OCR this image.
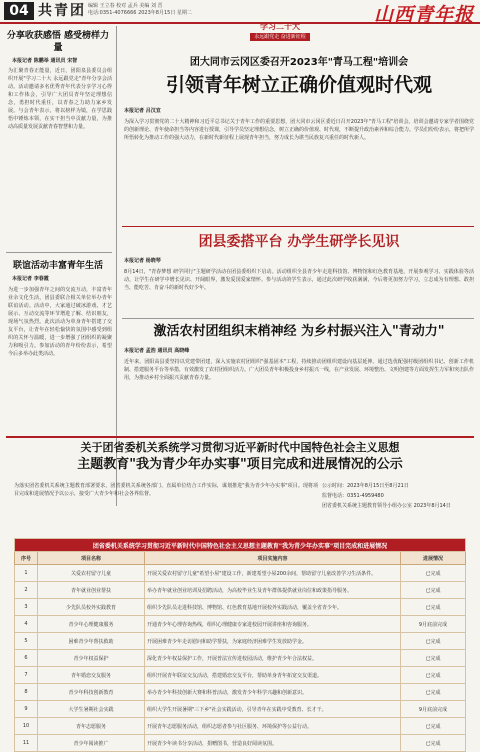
04 共青团 编辑 王立春 校对 孟兵 美编 刘 晋
电话:0351-4076666 2023年8月15日 星期二	山西青年报
分享收获感悟 感受榜样力量
本报记者 陈鹏举 通讯员 宋智
为汇聚青春正能量，近日，团阳泉县委员会组织开展"学习二十大 永远跟党走"青年分享会活动。活动邀请多名优秀青年代表分享学习心得和工作体会，引导广大团员青年坚定理想信念，勇担时代重任，以青春之力助力家乡发展。与会青年表示，将以榜样为镜，在学思践悟中锤炼本领，在实干担当中贡献力量，为推动高质量发展贡献青春智慧和力量。
联谊活动丰富青年生活
本报记者 李春霞
为进一步加强青年之间的交流互动，丰富青年业余文化生活，团县委联合相关单位举办青年联谊活动。活动中，大家通过破冰游戏、才艺展示、互动交流等环节增进了解、结识朋友，现场气氛热烈。此次活动为单身青年搭建了交友平台，让青年在轻松愉快的氛围中感受到组织的关怀与温暖，进一步增强了团组织的凝聚力和吸引力。参加活动的青年纷纷表示，希望今后多举办此类活动。
学习二十大
永远跟党走 奋进新征程
团大同市云冈区委召开2023年"青马工程"培训会
引领青年树立正确价值观时代观
本报记者 吕汉宜
为深入学习贯彻党的二十大精神和习近平总书记关于青年工作的重要思想，团大同市云冈区委近日召开2023年"青马工程"培训会。培训会邀请专家学者围绕党的创新理论、青年使命担当等内容进行授课，引导学员坚定理想信念，树立正确的价值观、时代观，不断提升政治素养和综合能力。学员们纷纷表示，将把所学所悟转化为推动工作的强大动力，在新时代新征程上展现青年担当，努力成长为堪当民族复兴重任的时代新人。
团县委搭平台 办学生研学长见识
本报记者 杨晓琴
8月14日，"青春梦想 研学同行"主题研学活动在团县委组织下启动。活动组织全县青少年走进科技馆、博物馆和红色教育基地，开展参观学习、实践体验等活动，让学生在研学中增长见识、开阔眼界，激发爱国爱家情怀。参与活动的学生表示，通过此次研学收获满满，今后将更加努力学习，立志成为有理想、敢担当、能吃苦、肯奋斗的新时代好少年。
激活农村团组织末梢神经 为乡村振兴注入"青动力"
本报记者 孟浩 通讯员 高晓峰
近年来，团阳高县委坚持以党建带团建，深入实施农村团组织"强基固本"工程，持续推动团组织建设向基层延伸。通过选优配强村级团组织书记、创新工作机制、搭建服务平台等举措，有效激发了农村团组织活力。广大团员青年积极投身乡村振兴一线，在产业发展、环境整治、文明创建等方面发挥生力军和突击队作用，为推动乡村全面振兴贡献青春力量。
关于团省委机关系统学习贯彻习近平新时代中国特色社会主义思想
主题教育"我为青少年办实事"项目完成和进展情况的公示
为落实团省委机关系统主题教育部署要求，团省委机关系统各部门、直属单位结合工作实际，谋划推进"我为青少年办实事"项目。现将项目完成和进展情况予以公示，接受广大青少年和社会各界监督。
公示时间：2023年8月15日至8月21日
监督电话：0351-4959480
团省委机关系统主题教育领导小组办公室 2023年8月14日
团省委机关系统学习贯彻习近平新时代中国特色社会主义思想主题教育"我为青少年办实事"项目完成和进展情况			
序号	项目名称	项目实施内容	进展情况
1	关爱农村留守儿童	开展关爱农村留守儿童"希望小屋"建设工作，新建希望小屋200余间，帮助留守儿童改善学习生活条件。	已完成
2	青年就业创业帮扶	举办青年就业创业培训及招聘活动，为高校毕业生及青年群体提供就业岗位和政策指导服务。	已完成
3	少先队员校外实践教育	组织少先队员走进科技馆、博物馆、红色教育基地开展校外实践活动，覆盖全省青少年。	已完成
4	青少年心理健康服务	开通青少年心理咨询热线，组织心理健康专家进校园开展讲座和咨询服务。	9月底前完成
5	困难青少年帮扶救助	开展困难青少年走访慰问和助学帮扶，为家庭经济困难学生发放助学金。	已完成
6	青少年权益保护	深化青少年权益保护工作，开展普法宣传进校园活动，维护青少年合法权益。	已完成
7	青年婚恋交友服务	组织开展青年联谊交友活动，搭建婚恋交友平台，帮助单身青年拓宽交友渠道。	已完成
8	青少年科技创新教育	举办青少年科技创新大赛和科普活动，激发青少年科学兴趣和创新意识。	已完成
9	大学生暑期社会实践	组织大学生开展暑期"三下乡"社会实践活动，引导青年在实践中受教育、长才干。	9月底前完成
10	青年志愿服务	开展青年志愿服务活动，组织志愿者参与社区服务、环境保护等公益行动。	已完成
11	青少年阅读推广	开展青少年读书分享活动，捐赠图书，营造良好阅读氛围。	已完成
